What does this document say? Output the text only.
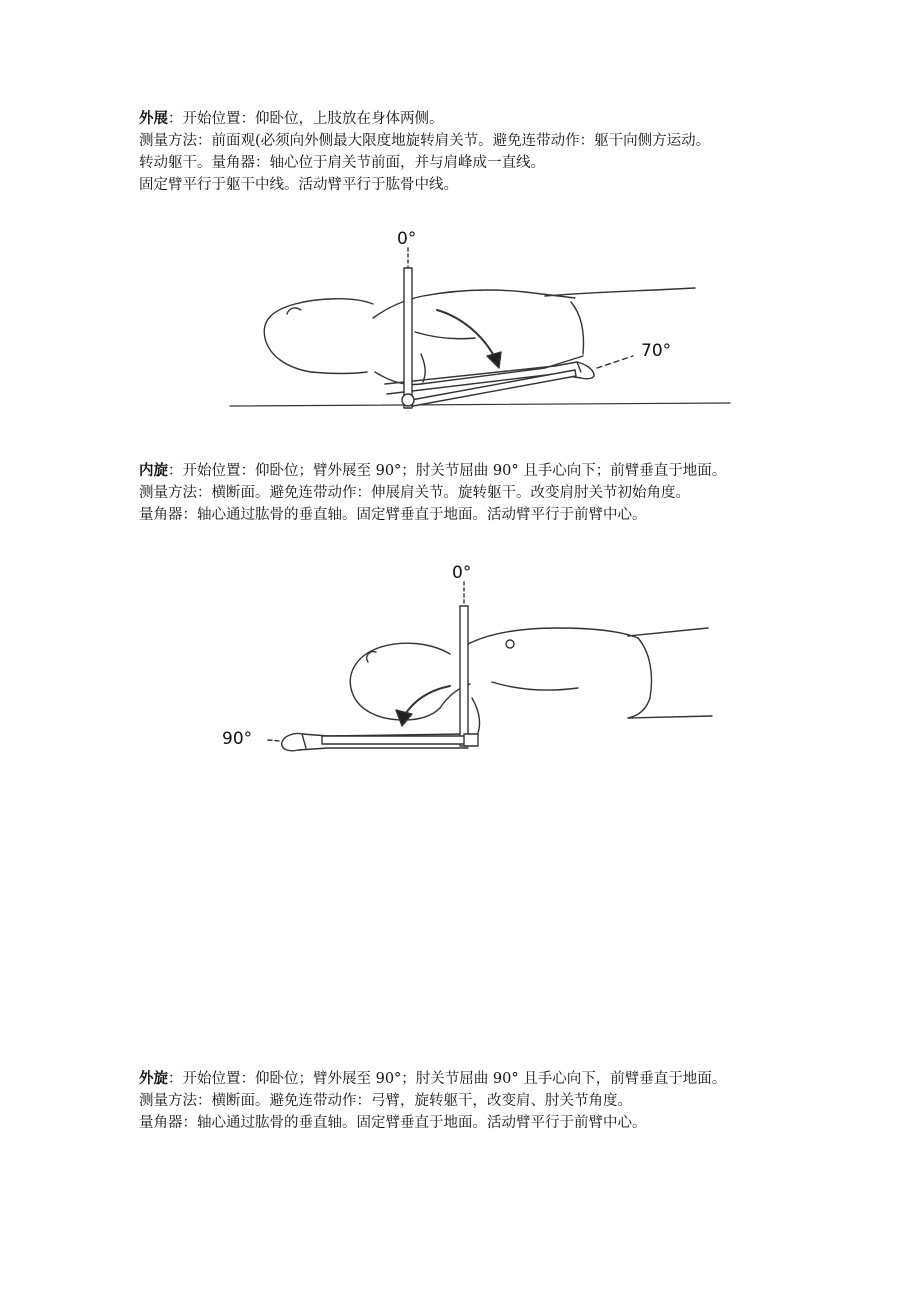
外展：开始位置：仰卧位，上肢放在身体两侧。
测量方法：前面观(必须向外侧最大限度地旋转肩关节。避免连带动作：躯干向侧方运动。
转动躯干。量角器：轴心位于肩关节前面，并与肩峰成一直线。
固定臂平行于躯干中线。活动臂平行于肱骨中线。
0°
70°
内旋：开始位置：仰卧位；臂外展至 90°；肘关节屈曲 90° 且手心向下；前臂垂直于地面。
测量方法：横断面。避免连带动作：伸展肩关节。旋转躯干。改变肩肘关节初始角度。
量角器：轴心通过肱骨的垂直轴。固定臂垂直于地面。活动臂平行于前臂中心。
0°
90°
外旋：开始位置：仰卧位；臂外展至 90°；肘关节屈曲 90° 且手心向下，前臂垂直于地面。
测量方法：横断面。避免连带动作：弓臂，旋转躯干，改变肩、肘关节角度。
量角器：轴心通过肱骨的垂直轴。固定臂垂直于地面。活动臂平行于前臂中心。
